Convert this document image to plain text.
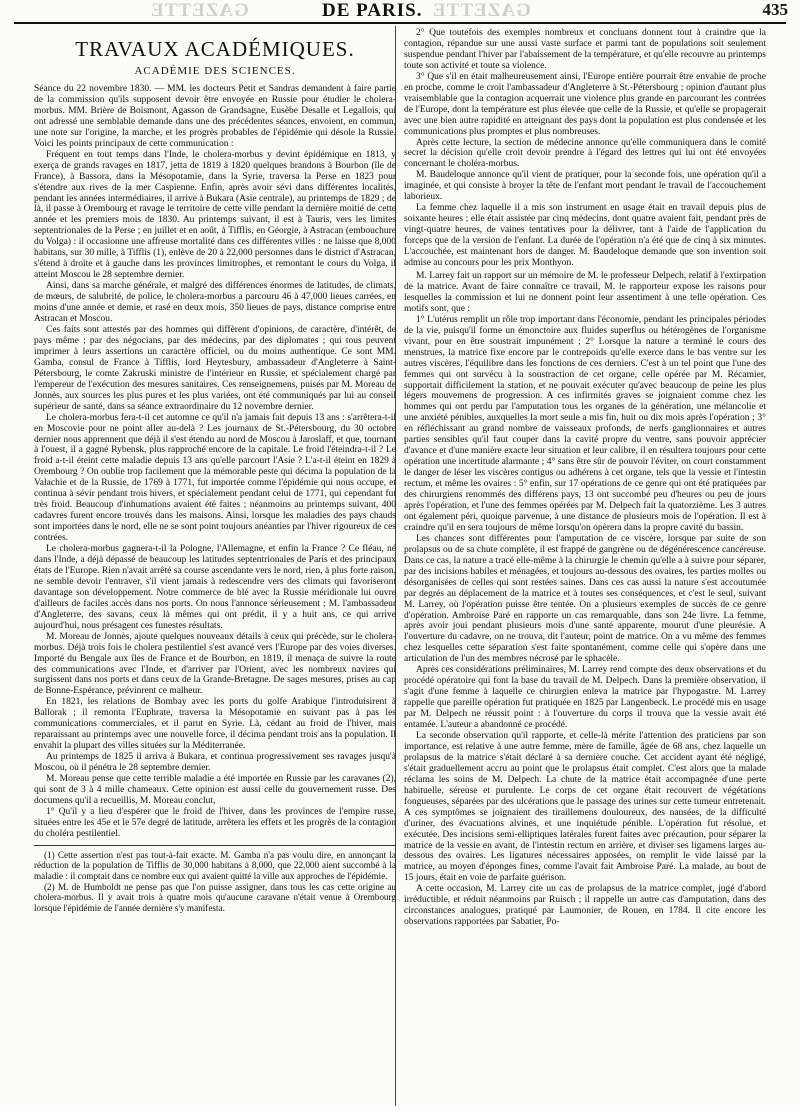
GAZETTE	DE PARIS. GAZETTE	435
TRAVAUX ACADÉMIQUES.
ACADÉMIE DES SCIENCES.

Séance du 22 novembre 1830. — MM. les docteurs Petit et Sandras demandent à faire partie de la commission qu'ils supposent devoir être envoyée en Russie pour étudier le cholera-morbus. MM. Brière de Boismont, Agasson de Grandsagne, Eusèbe Desalle et Legallois, qui ont adressé une semblable demande dans une des précédentes séances, envoient, en commun, une note sur l'origine, la marche, et les progrès probables de l'épidémie qui désole la Russie. Voici les points principaux de cette communication :

Fréquent en tout temps dans l'Inde, le cholera-morbus y devint épidémique en 1813, y exerça de grands ravages en 1817, jetta de 1819 à 1820 quelques brandons à Bourbon (île de France), à Bassora, dans la Mésopotamie, dans la Syrie, traversa la Perse en 1823 pour s'étendre aux rives de la mer Caspienne. Enfin, après avoir sévi dans différentes localités, pendant les années intermédiaires, il arrive à Bukara (Asie centrale), au printemps de 1829 ; de là, il passe à Orembourg et ravage le territoire de cette ville pendant la dernière moitié de cette année et les premiers mois de 1830. Au printemps suivant, il est à Tauris, vers les limites septentrionales de la Perse ; en juillet et en août, à Tifflis, en Géorgie, à Astracan (embouchure du Volga) : il occasionne une affreuse mortalité dans ces différentes villes : ne laisse que 8,000 habitans, sur 30 mille, à Tifflis (1), enlève de 20 à 22,000 personnes dans le district d'Astracan, s'étend à droite et à gauche dans les provinces limitrophes, et remontant le cours du Volga, il atteint Moscou le 28 septembre dernier.

Ainsi, dans sa marche générale, et malgré des différences énormes de latitudes, de climats, de mœurs, de salubrité, de police, le cholera-morbus a parcouru 46 à 47,000 lieues carrées, en moins d'une année et demie, et rasé en deux mois, 350 lieues de pays, distance comprise entre Astracan et Moscou.

Ces faits sont attestés par des hommes qui diffèrent d'opinions, de caractère, d'intérêt, de pays même ; par des négocians, par des médecins, par des diplomates ; qui tous peuvent imprimer à leurs assertions un caractère officiel, ou du moins authentique. Ce sont MM. Gamba, consul de France à Tifflis, lord Heytesbury, ambassadeur d'Angleterre à Saint-Pétersbourg, le comte Zakruski ministre de l'intérieur en Russie, et spécialement chargé par l'empereur de l'exécution des mesures sanitaires. Ces renseignemens, puisés par M. Moreau de Jonnès, aux sources les plus pures et les plus variées, ont été communiqués par lui au conseil supérieur de santé, dans sa séance extraordinaire du 12 novembre dernier.

Le cholera-morbus fera-t-il cet automne ce qu'il n'a jamais fait depuis 13 ans : s'arrêtera-t-il en Moscovie pour ne point aller au-delà ? Les journaux de St.-Pétersbourg, du 30 octobre dernier nous apprennent que déjà il s'est étendu au nord de Moscou à Jaroslaff, et que, tournant à l'ouest, il a gagné Rybensk, plus rapproché encore de la capitale. Le froid l'éteindra-t-il ? Le froid a-t-il éteint cette maladie depuis 13 ans qu'elle parcourt l'Asie ? L'a-t-il éteint en 1829 à Orembourg ? On oublie trop facilement que la mémorable peste qui décima la population de la Valachie et de la Russie, de 1769 à 1771, fut importée comme l'épidémie qui nous occupe, et continua à sévir pendant trois hivers, et spécialement pendant celui de 1771, qui cependant fut très froid. Beaucoup d'inhumations avaient été faites ; néanmoins au printemps suivant, 400 cadavres furent encore trouvés dans les maisons. Ainsi, lorsque les maladies des pays chauds sont importées dans le nord, elle ne se sont point toujours anéanties par l'hiver rigoureux de ces contrées.

Le cholera-morbus gagnera-t-il la Pologne, l'Allemagne, et enfin la France ? Ce fléau, né dans l'Inde, a déjà dépassé de beaucoup les latitudes septentrionales de Paris et des principaux états de l'Europe. Rien n'avait arrêté sa course ascendante vers le nord, rien, à plus forte raison, ne semble devoir l'entraver, s'il vient jamais à redescendre vers des climats qui favoriseront davantage son développement. Notre commerce de blé avec la Russie méridionale lui ouvre d'ailleurs de faciles accès dans nos ports. On nous l'annonce sérieusement ; M. l'ambassadeur d'Angleterre, des savans, ceux là mêmes qui ont prédit, il y a huit ans, ce qui arrive aujourd'hui, nous présagent ces funestes résultats.

M. Moreau de Jonnès, ajoute quelques nouveaux détails à ceux qui précède, sur le cholera-morbus. Déjà trois fois le cholera pestilentiel s'est avancé vers l'Europe par des voies diverses. Importé du Bengale aux îles de France et de Bourbon, en 1819, il menaça de suivre la route des communications avec l'Inde, et d'arriver par l'Orient, avec les nombreux navires qui surgissent dans nos ports et dans ceux de la Grande-Bretagne. De sages mesures, prises au cap de Bonne-Espérance, prévinrent ce malheur.

En 1821, les relations de Bombay avec les ports du golfe Arabique l'introduisirent à Ballorak ; il remonta l'Euphrate, traversa la Mésopotamie en suivant pas à pas les communications commerciales, et il parut en Syrie. Là, cédant au froid de l'hiver, mais reparaissant au printemps avec une nouvelle force, il décima pendant trois ans la population. Il envahit la plupart des villes situées sur la Méditerranée.

Au printemps de 1825 il arriva à Bukara, et continua progressivement ses ravages jusqu'à Moscou, où il pénétra le 28 septembre dernier.

M. Moreau pense que cette terrible maladie a été importée en Russie par les caravanes (2), qui sont de 3 à 4 mille chameaux. Cette opinion est aussi celle du gouvernement russe. Des documens qu'il a recueillis, M. Moreau conclut,

1° Qu'il y a lieu d'espérer que le froid de l'hiver, dans les provinces de l'empire russe, situées entre les 45e et le 57e degré de latitude, arrêtera les effets et les progrès de la contagion du choléra pestilentiel.

(1) Cette assertion n'est pas tout-à-fait exacte. M. Gamba n'a pas voulu dire, en annonçant la réduction de la population de Tifflis de 30,000 habitans à 8,000, que 22,000 aient succombé à la maladie : il comptait dans ce nombre eux qui avaient quitté la ville aux approches de l'épidémie.

(2) M. de Humboldt ne pense pas que l'on puisse assigner, dans tous les cas cette origine au cholera-morbus. Il y avait trois à quatre mois qu'aucune caravane n'était venue à Orembourg lorsque l'épidémie de l'année dernière s'y manifesta.

2° Que toutefois des exemples nombreux et concluans donnent tout à craindre que la contagion, répandue sur une aussi vaste surface et parmi tant de populations soit seulement suspendue pendant l'hiver par l'abaissement de la température, et qu'elle recouvre au printemps toute son activité et toute sa violence.

3° Que s'il en était malheureusement ainsi, l'Europe entière pourrait être envahie de proche en proche, comme le croit l'ambassadeur d'Angleterre à St.-Pétersbourg ; opinion d'autant plus vraisemblable que la contagion acquerrait une violence plus grande en parcourant les contrées de l'Europe, dont la température est plus élevée que celle de la Russie, et qu'elle se propagerait avec une bien autre rapidité en atteignant des pays dont la population est plus condensée et les communications plus promptes et plus nombreuses.

Après cette lecture, la section de médecine annonce qu'elle communiquera dans le comité secret la décision qu'elle croit devoir prendre à l'égard des lettres qui lui ont été envoyées concernant le choléra-morbus.

M. Baudeloque annonce qu'il vient de pratiquer, pour la seconde fois, une opération qu'il a imaginée, et qui consiste à broyer la tête de l'enfant mort pendant le travail de l'accouchement laborieux.

La femme chez laquelle il a mis son instrument en usage était en travail depuis plus de soixante heures ; elle était assistée par cinq médecins, dont quatre avaient fait, pendant près de vingt-quatre heures, de vaines tentatives pour la délivrer, tant à l'aide de l'application du forceps que de la version de l'enfant. La durée de l'opération n'a été que de cinq à six minutes. L'accouchée, est maintenant hors de danger. M. Baudeloque demande que son invention soit admise au concours pour les prix Monthyon.

M. Larrey fait un rapport sur un mémoire de M. le professeur Delpech, relatif à l'extirpation de la matrice. Avant de faire connaître ce travail, M. le rapporteur expose les raisons pour lesquelles la commission et lui ne donnent point leur assentiment à une telle opération. Ces motifs sont, que :

1° L'utérus remplit un rôle trop important dans l'économie, pendant les principales périodes de la vie, puisqu'il forme un émonctoire aux fluides superflus ou hétérogènes de l'organisme vivant, pour en être soustrait impunément ; 2° Lorsque la nature a terminé le cours des menstrues, la matrice fixe encore par le contrepoids qu'elle exerce dans le bas ventre sur les autres viscères, l'équilibre dans les fonctions de ces derniers. C'est à un tel point que l'une des femmes qui ont survécu à la soustraction de cet organe, celle opérée par M. Récamier, supportait difficilement la station, et ne pouvait exécuter qu'avec beaucoup de peine les plus légers mouvemens de progression. A ces infirmités graves se joignaient comme chez les hommes qui ont perdu par l'amputation tous les organes de la génération, une mélancolie et une anxiété pénibles, auxquelles la mort seule a mis fin, huit ou dix mois après l'opération ; 3° en réfléchissant au grand nombre de vaisseaux profonds, de nerfs ganglionnaires et autres parties sensibles qu'il faut couper dans la cavité propre du ventre, sans pouvoir apprécier d'avance et d'une manière exacte leur situation et leur calibre, il en résultera toujours pour cette opération une incertitude alarmante ; 4° sans être sûr de pouvoir l'éviter, on court constamment le danger de léser les viscères contigus ou adhérens à cet organe, tels que la vessie et l'intestin rectum, et même les ovaires : 5° enfin, sur 17 opérations de ce genre qui ont été pratiquées par des chirurgiens renommés des différens pays, 13 ont succombé peu d'heures ou peu de jours après l'opération, et l'une des femmes opérées par M. Delpech fait la quatorzième. Les 3 autres ont également péri, quoique parvenue, à une distance de plusieurs mois de l'opération. Il est à craindre qu'il en sera toujours de même lorsqu'on opèrera dans la propre cavité du bassin.

Les chances sont différentes pour l'amputation de ce viscère, lorsque par suite de son prolapsus ou de sa chute complète, il est frappé de gangrène ou de dégénérescence cancéreuse. Dans ce cas, la nature a tracé elle-même à la chirurgie le chemin qu'elle a à suivre pour séparer, par des incisions habiles et ménagées, et toujours au-dessous des ovaires, les parties molles ou désorganisées de celles qui sont restées saines. Dans ces cas aussi la nature s'est accoutumée par degrés au déplacement de la matrice et à toutes ses conséquences, et c'est le seul, suivant M. Larrey, où l'opération puisse être tentée. On a plusieurs exemples de succès de ce genre d'opération. Ambroise Paré en rapporte un cas remarquable, dans son 24e livre. La femme, après avoir joui pendant plusieurs mois d'une santé apparente, mourut d'une pleurésie. A l'ouverture du cadavre, on ne trouva, dit l'auteur, point de matrice. On a vu même des femmes chez lesquelles cette séparation s'est faite spontanément, comme celle qui s'opère dans une articulation de l'un des membres nécrosé par le sphacèle.

Après ces considérations préliminaires, M. Larrey rend compte des deux observations et du procédé opératoire qui font la base du travail de M. Delpech. Dans la première observation, il s'agit d'une femme à laquelle ce chirurgien enleva la matrice par l'hypogastre. M. Larrey rappelle que pareille opération fut pratiquée en 1825 par Langenbeck. Le procédé mis en usage par M. Delpech ne réussit point : à l'ouverture du corps il trouva que la vessie avait été entamée. L'auteur a abandonné ce procédé.

La seconde observation qu'il rapporte, et celle-là mérite l'attention des praticiens par son importance, est relative à une autre femme, mère de famille, âgée de 68 ans, chez laquelle un prolapsus de la matrice s'était déclaré à sa dernière couche. Cet accident ayant été négligé, s'était graduellement accru au point que le prolapsus était complet. C'est alors que la malade réclama les soins de M. Delpech. La chute de la matrice était accompagnée d'une perte habituelle, séreuse et purulente. Le corps de cet organe était recouvert de végétations fongueuses, séparées par des ulcérations que le passage des urines sur cette tumeur entretenait. A ces symptômes se joignaient des tiraillemens douloureux, des nausées, de la difficulté d'uriner, des évacuations alvines, et une inquiétude pénible. L'opération fut résolue, et exécutée. Des incisions semi-elliptiques latérales furent faites avec précaution, pour séparer la matrice de la vessie en avant, de l'intestin rectum en arrière, et diviser ses ligamens larges au-dessous des ovaires. Les ligatures nécessaires apposées, on remplit le vide laissé par la matrice, au moyen d'éponges fines, comme l'avait fait Ambroise Paré. La malade, au bout de 15 jours, était en voie de parfaite guérison.

A cette occasion, M. Larrey cite un cas de prolapsus de la matrice complet, jugé d'abord irréductible, et réduit néanmoins par Ruisch ; il rappelle un autre cas d'amputation, dans des circonstances analogues, pratiqué par Laumonier, de Rouen, en 1784. Il cite encore les observations rapportées par Sabatier, Po-
